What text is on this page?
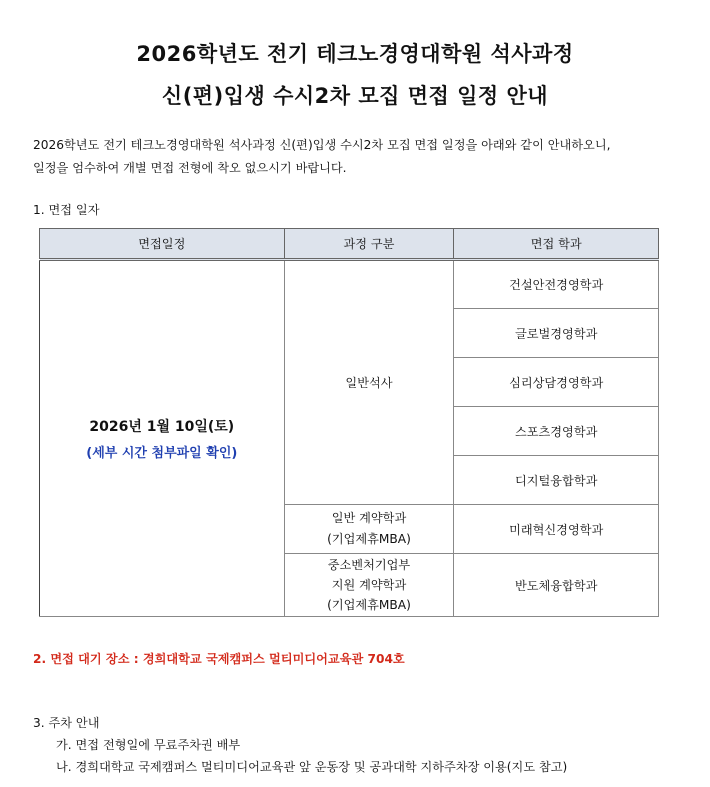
2026학년도 전기 테크노경영대학원 석사과정
신(편)입생 수시2차 모집 면접 일정 안내
2026학년도 전기 테크노경영대학원 석사과정 신(편)입생 수시2차 모집 면접 일정을 아래와 같이 안내하오니,
일정을 엄수하여 개별 면접 전형에 착오 없으시기 바랍니다.
1. 면접 일자
면접일정	과정 구분	면접 학과

2026년 1월 10일(토)
(세부 시간 첨부파일 확인)	일반석사	건설안전경영학과
		글로벌경영학과
		심리상담경영학과
		스포츠경영학과
		디지털융합학과

	일반 계약학과
(기업제휴MBA)	미래혁신경영학과

	중소벤처기업부
지원 계약학과
(기업제휴MBA)	반도체융합학과
2. 면접 대기 장소 : 경희대학교 국제캠퍼스 멀티미디어교육관 704호
3. 주차 안내
가. 면접 전형일에 무료주차권 배부
나. 경희대학교 국제캠퍼스 멀티미디어교육관 앞 운동장 및 공과대학 지하주차장 이용(지도 참고)
